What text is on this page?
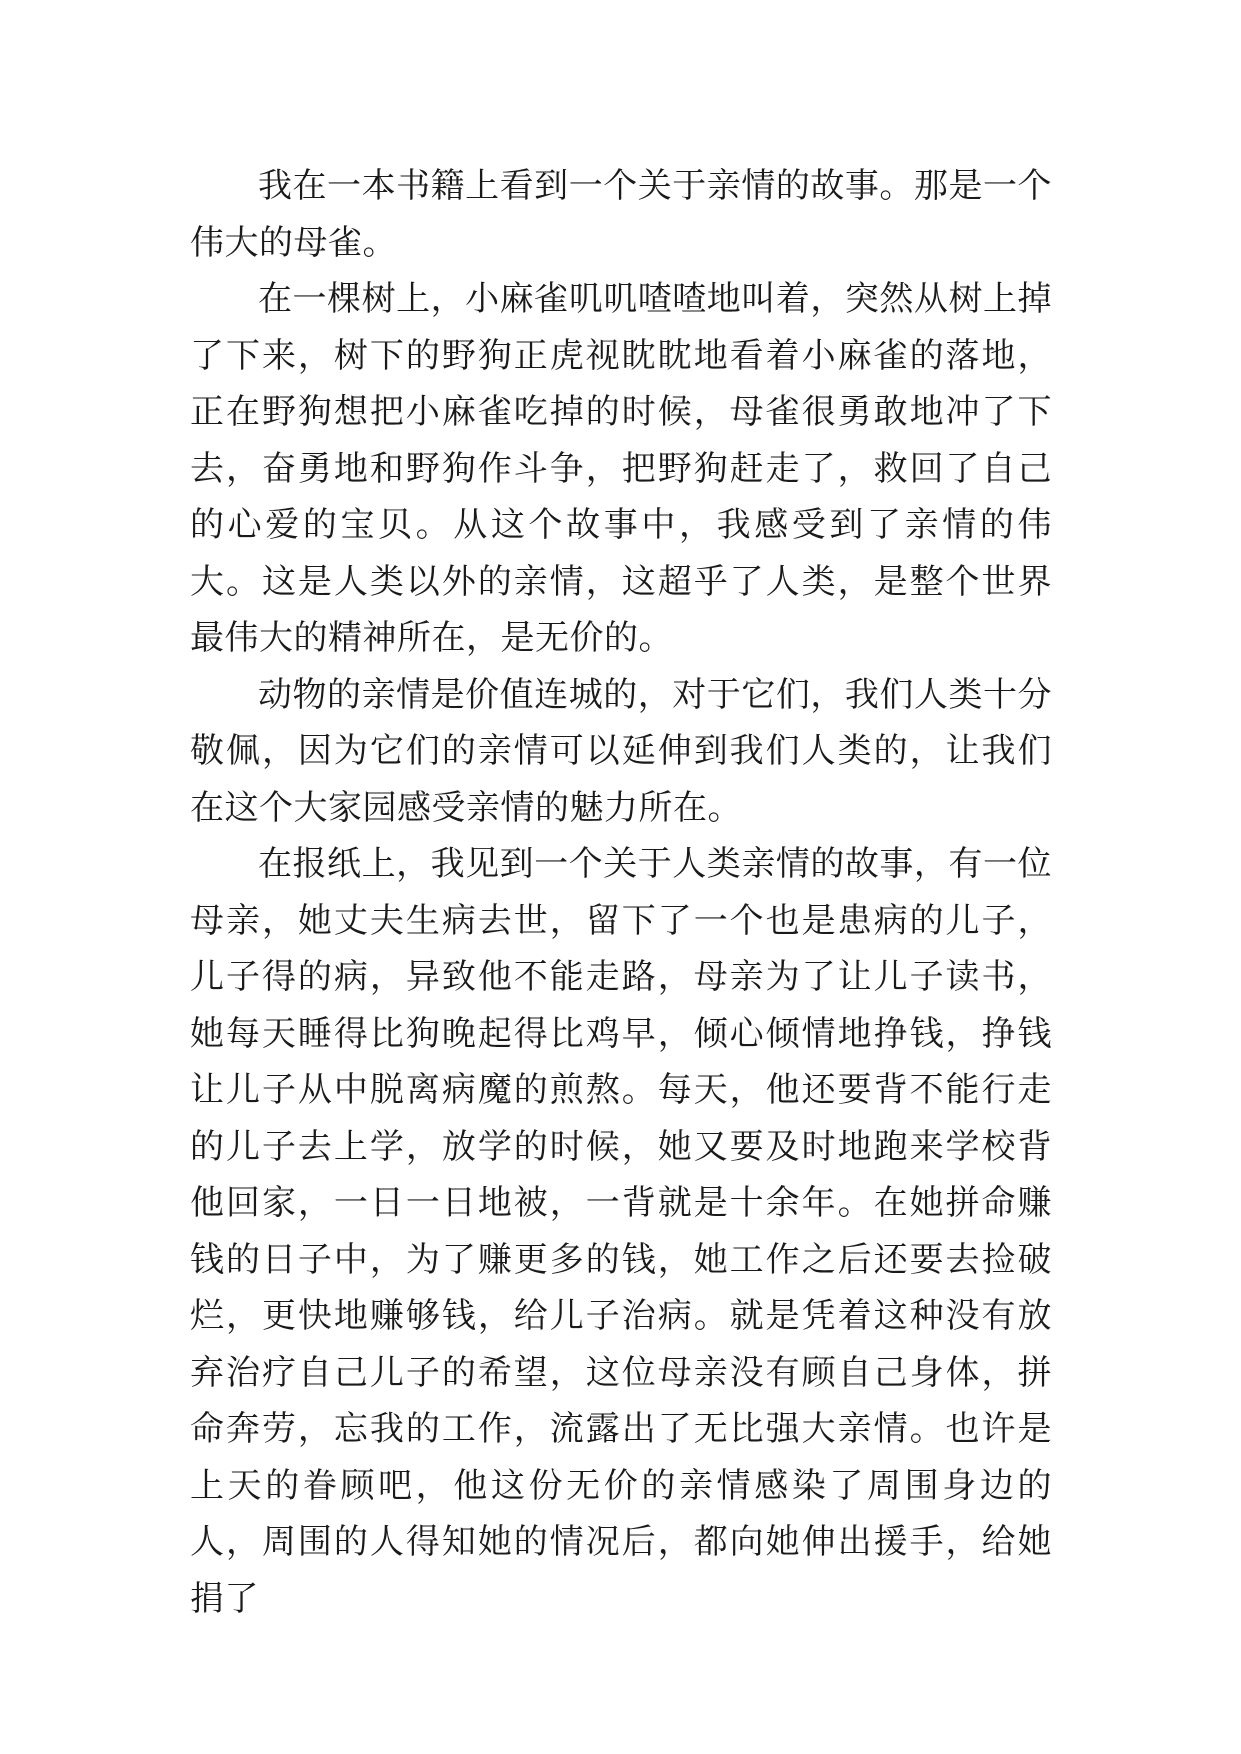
我在一本书籍上看到一个关于亲情的故事。那是一个伟大的母雀。

在一棵树上，小麻雀叽叽喳喳地叫着，突然从树上掉了下来，树下的野狗正虎视眈眈地看着小麻雀的落地，正在野狗想把小麻雀吃掉的时候，母雀很勇敢地冲了下去，奋勇地和野狗作斗争，把野狗赶走了，救回了自己的心爱的宝贝。从这个故事中，我感受到了亲情的伟大。这是人类以外的亲情，这超乎了人类，是整个世界最伟大的精神所在，是无价的。

动物的亲情是价值连城的，对于它们，我们人类十分敬佩，因为它们的亲情可以延伸到我们人类的，让我们在这个大家园感受亲情的魅力所在。

在报纸上，我见到一个关于人类亲情的故事，有一位母亲，她丈夫生病去世，留下了一个也是患病的儿子，儿子得的病，异致他不能走路，母亲为了让儿子读书，她每天睡得比狗晚起得比鸡早，倾心倾情地挣钱，挣钱让儿子从中脱离病魔的煎熬。每天，他还要背不能行走的儿子去上学，放学的时候，她又要及时地跑来学校背他回家，一日一日地被，一背就是十余年。在她拼命赚钱的日子中，为了赚更多的钱，她工作之后还要去捡破烂，更快地赚够钱，给儿子治病。就是凭着这种没有放弃治疗自己儿子的希望，这位母亲没有顾自己身体，拼命奔劳，忘我的工作，流露出了无比强大亲情。也许是上天的眷顾吧，他这份无价的亲情感染了周围身边的人，周围的人得知她的情况后，都向她伸出援手，给她捐了
